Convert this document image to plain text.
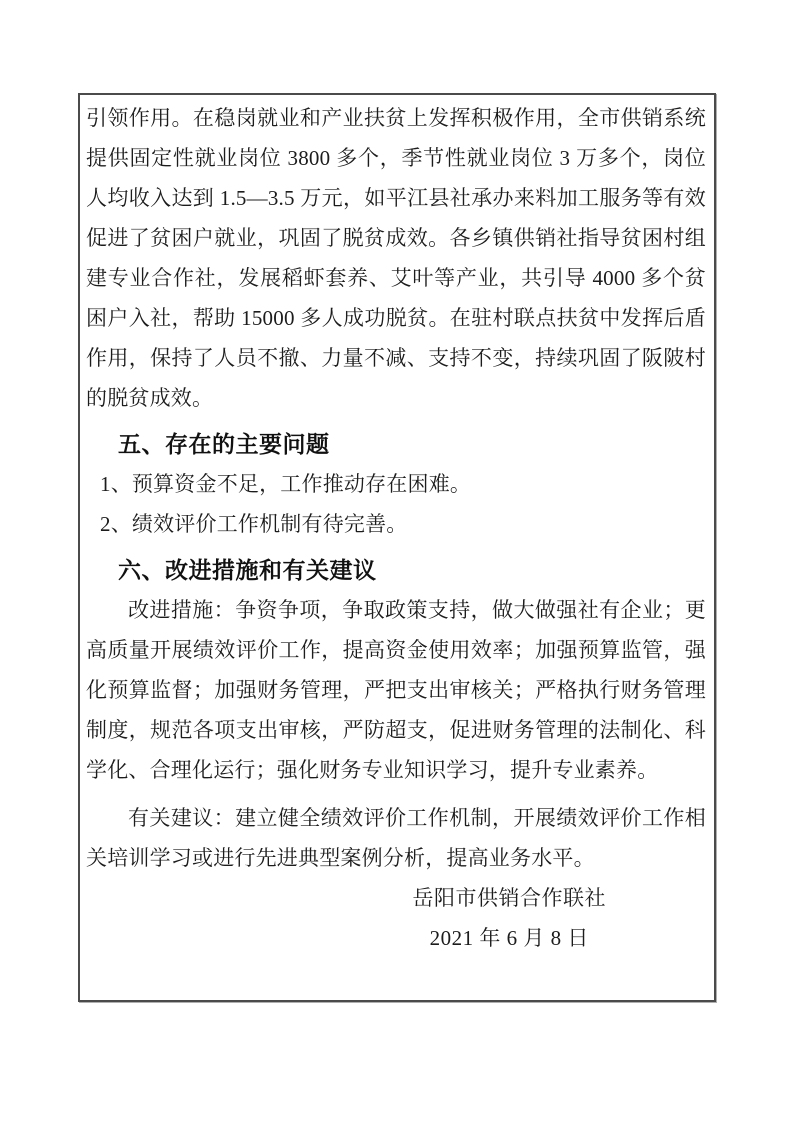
引领作用。在稳岗就业和产业扶贫上发挥积极作用，全市供销系统提供固定性就业岗位 3800 多个，季节性就业岗位 3 万多个，岗位人均收入达到 1.5—3.5 万元，如平江县社承办来料加工服务等有效促进了贫困户就业，巩固了脱贫成效。各乡镇供销社指导贫困村组建专业合作社，发展稻虾套养、艾叶等产业，共引导 4000 多个贫困户入社，帮助 15000 多人成功脱贫。在驻村联点扶贫中发挥后盾作用，保持了人员不撤、力量不减、支持不变，持续巩固了阪陂村的脱贫成效。

五、存在的主要问题

1、预算资金不足，工作推动存在困难。

2、绩效评价工作机制有待完善。

六、改进措施和有关建议

改进措施：争资争项，争取政策支持，做大做强社有企业；更高质量开展绩效评价工作，提高资金使用效率；加强预算监管，强化预算监督；加强财务管理，严把支出审核关；严格执行财务管理制度，规范各项支出审核，严防超支，促进财务管理的法制化、科学化、合理化运行；强化财务专业知识学习，提升专业素养。

有关建议：建立健全绩效评价工作机制，开展绩效评价工作相关培训学习或进行先进典型案例分析，提高业务水平。

岳阳市供销合作联社

2021 年 6 月 8 日
